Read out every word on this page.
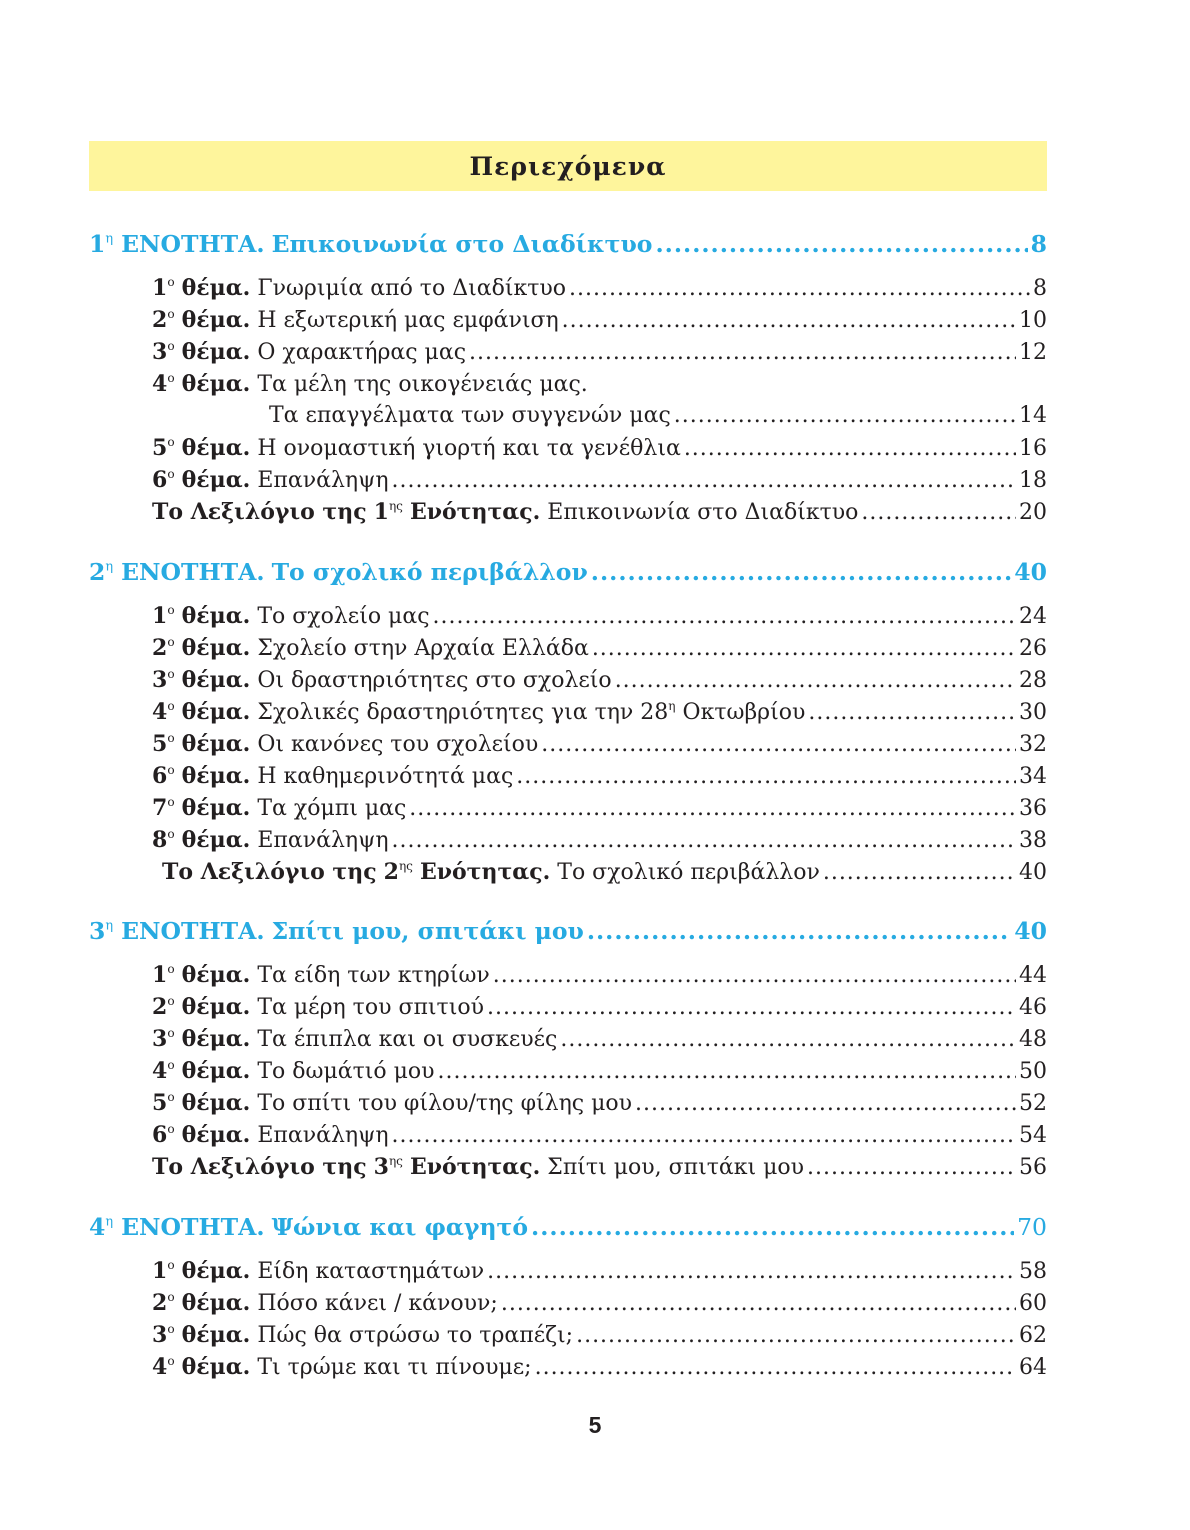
Περιεχόμενα
$1^\eta$ ΕΝΟΤΗΤΑ. Επικοινωνία στο Διαδίκτυο .....	8
$1^o$ θέμα. Γνωριμία από το Διαδίκτυο .....	8
$2^o$ θέμα. Η εξωτερική μας εμφάνιση .....	10
$3^o$ θέμα. Ο χαρακτήρας μας .....	12
$4^o$ θέμα. Τα μέλη της οικογένειάς μας.
Τα επαγγέλματα των συγγενών μας .....	14
$5^o$ θέμα. Η ονομαστική γιορτή και τα γενέθλια .....	16
$6^o$ θέμα. Επανάληψη .....	18
Το Λεξιλόγιο της $1^{\eta\varsigma}$ Ενότητας. Επικοινωνία στο Διαδίκτυο .....	20
$2^\eta$ ΕΝΟΤΗΤΑ. Το σχολικό περιβάλλον .....	40
$1^o$ θέμα. Το σχολείο μας .....	24
$2^o$ θέμα. Σχολείο στην Αρχαία Ελλάδα .....	26
$3^o$ θέμα. Οι δραστηριότητες στο σχολείο .....	28
$4^o$ θέμα. Σχολικές δραστηριότητες για την $28^\eta$ Οκτωβρίου .....	30
$5^o$ θέμα. Οι κανόνες του σχολείου .....	32
$6^o$ θέμα. Η καθημερινότητά μας .....	34
$7^o$ θέμα. Τα χόμπι μας .....	36
$8^o$ θέμα. Επανάληψη .....	38
Το Λεξιλόγιο της $2^{\eta\varsigma}$ Ενότητας. Το σχολικό περιβάλλον .....	40
$3^\eta$ ΕΝΟΤΗΤΑ. Σπίτι μου, σπιτάκι μου .....	40
$1^o$ θέμα. Τα είδη των κτηρίων .....	44
$2^o$ θέμα. Τα μέρη του σπιτιού .....	46
$3^o$ θέμα. Τα έπιπλα και οι συσκευές .....	48
$4^o$ θέμα. Το δωμάτιό μου .....	50
$5^o$ θέμα. Το σπίτι του φίλου/της φίλης μου .....	52
$6^o$ θέμα. Επανάληψη .....	54
Το Λεξιλόγιο της $3^{\eta\varsigma}$ Ενότητας. Σπίτι μου, σπιτάκι μου .....	56
$4^\eta$ ΕΝΟΤΗΤΑ. Ψώνια και φαγητό .....	70
$1^o$ θέμα. Είδη καταστημάτων .....	58
$2^o$ θέμα. Πόσο κάνει / κάνουν; .....	60
$3^o$ θέμα. Πώς θα στρώσω το τραπέζι; .....	62
$4^o$ θέμα. Τι τρώμε και τι πίνουμε; .....	64
5
